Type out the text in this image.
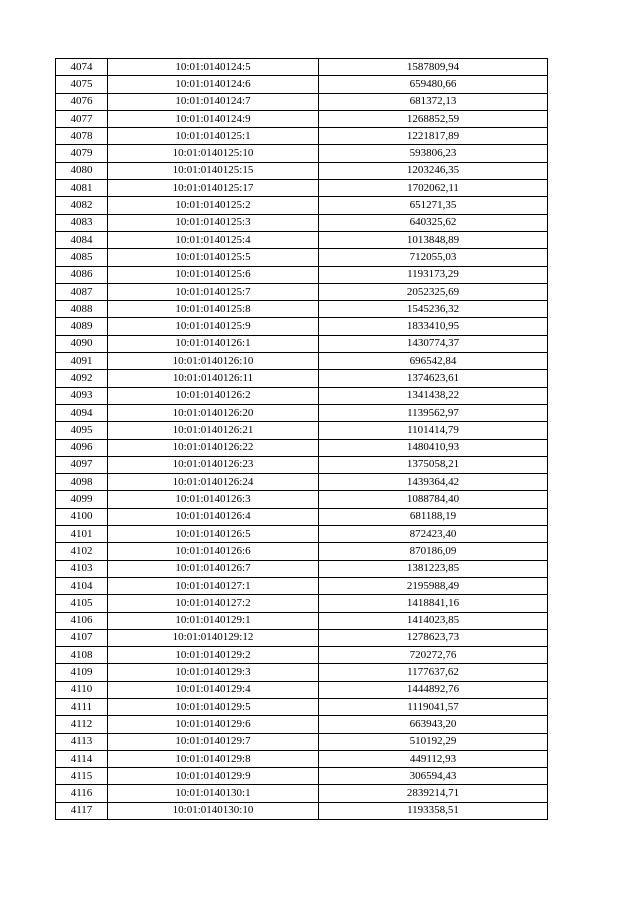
4074	10:01:0140124:5	1587809,94
4075	10:01:0140124:6	659480,66
4076	10:01:0140124:7	681372,13
4077	10:01:0140124:9	1268852,59
4078	10:01:0140125:1	1221817,89
4079	10:01:0140125:10	593806,23
4080	10:01:0140125:15	1203246,35
4081	10:01:0140125:17	1702062,11
4082	10:01:0140125:2	651271,35
4083	10:01:0140125:3	640325,62
4084	10:01:0140125:4	1013848,89
4085	10:01:0140125:5	712055,03
4086	10:01:0140125:6	1193173,29
4087	10:01:0140125:7	2052325,69
4088	10:01:0140125:8	1545236,32
4089	10:01:0140125:9	1833410,95
4090	10:01:0140126:1	1430774,37
4091	10:01:0140126:10	696542,84
4092	10:01:0140126:11	1374623,61
4093	10:01:0140126:2	1341438,22
4094	10:01:0140126:20	1139562,97
4095	10:01:0140126:21	1101414,79
4096	10:01:0140126:22	1480410,93
4097	10:01:0140126:23	1375058,21
4098	10:01:0140126:24	1439364,42
4099	10:01:0140126:3	1088784,40
4100	10:01:0140126:4	681188,19
4101	10:01:0140126:5	872423,40
4102	10:01:0140126:6	870186,09
4103	10:01:0140126:7	1381223,85
4104	10:01:0140127:1	2195988,49
4105	10:01:0140127:2	1418841,16
4106	10:01:0140129:1	1414023,85
4107	10:01:0140129:12	1278623,73
4108	10:01:0140129:2	720272,76
4109	10:01:0140129:3	1177637,62
4110	10:01:0140129:4	1444892,76
4111	10:01:0140129:5	1119041,57
4112	10:01:0140129:6	663943,20
4113	10:01:0140129:7	510192,29
4114	10:01:0140129:8	449112,93
4115	10:01:0140129:9	306594,43
4116	10:01:0140130:1	2839214,71
4117	10:01:0140130:10	1193358,51
